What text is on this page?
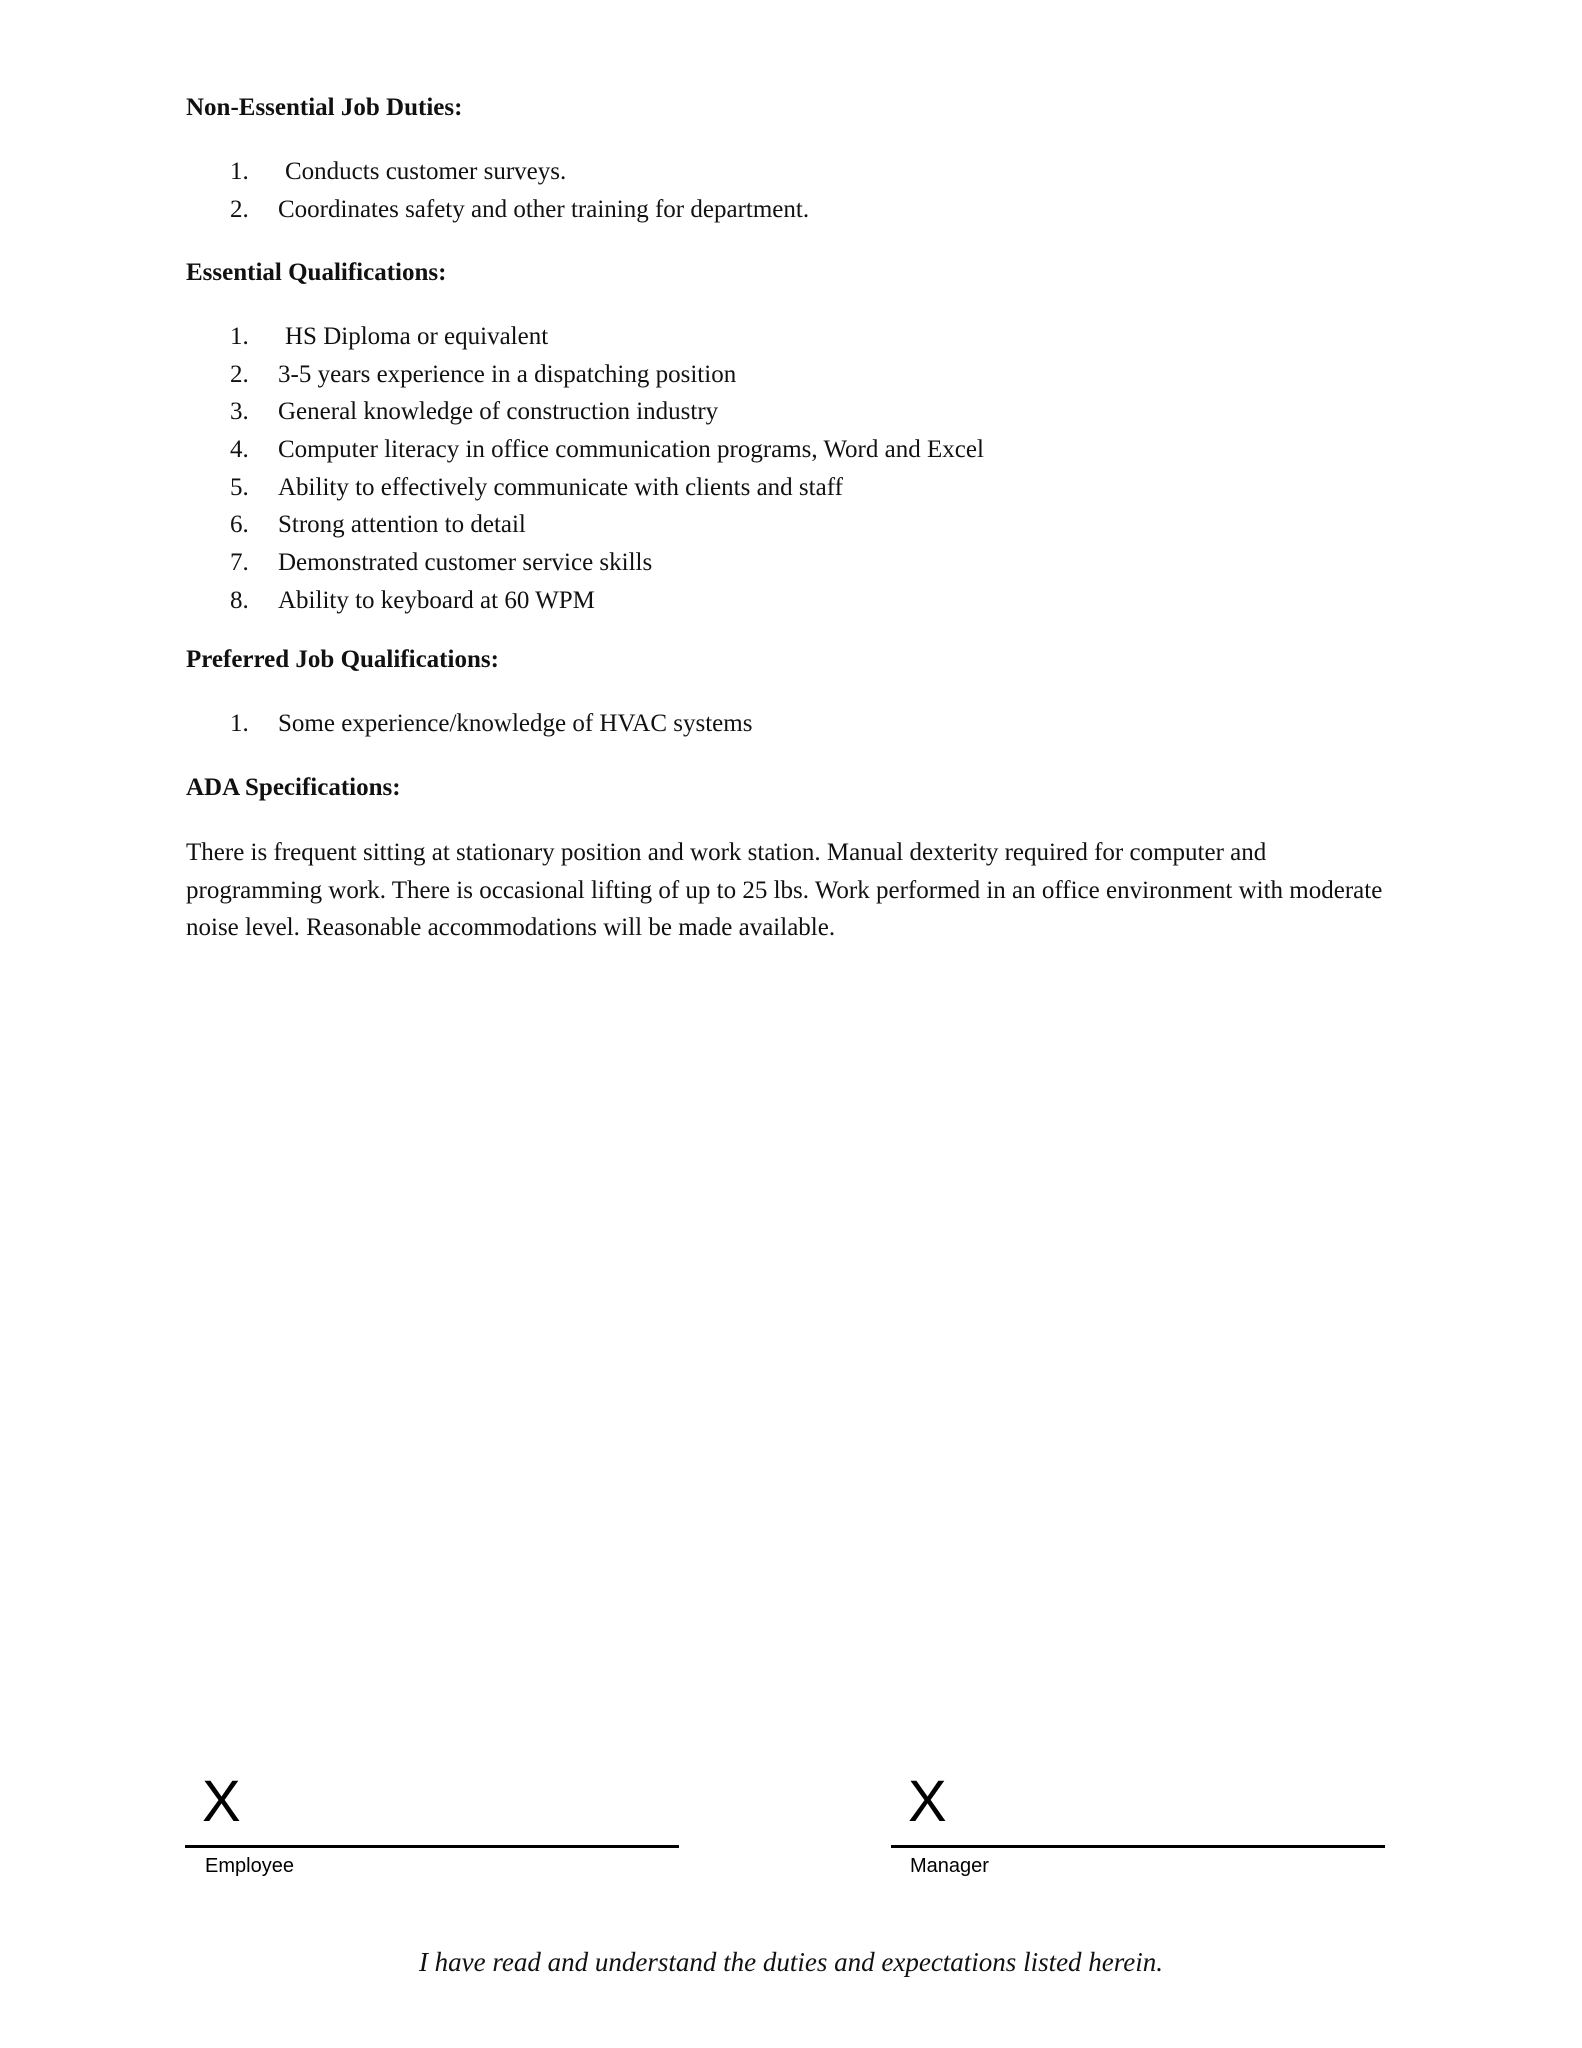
Non-Essential Job Duties:
1.	Conducts customer surveys.
2.	Coordinates safety and other training for department.
Essential Qualifications:
1.	HS Diploma or equivalent
2.	3-5 years experience in a dispatching position
3.	General knowledge of construction industry
4.	Computer literacy in office communication programs, Word and Excel
5.	Ability to effectively communicate with clients and staff
6.	Strong attention to detail
7.	Demonstrated customer service skills
8.	Ability to keyboard at 60 WPM
Preferred Job Qualifications:
1.	Some experience/knowledge of HVAC systems
ADA Specifications:

There is frequent sitting at stationary position and work station. Manual dexterity required for computer and programming work. There is occasional lifting of up to 25 lbs. Work performed in an office environment with moderate noise level. Reasonable accommodations will be made available.

X
Employee
X
Manager
I have read and understand the duties and expectations listed herein.
